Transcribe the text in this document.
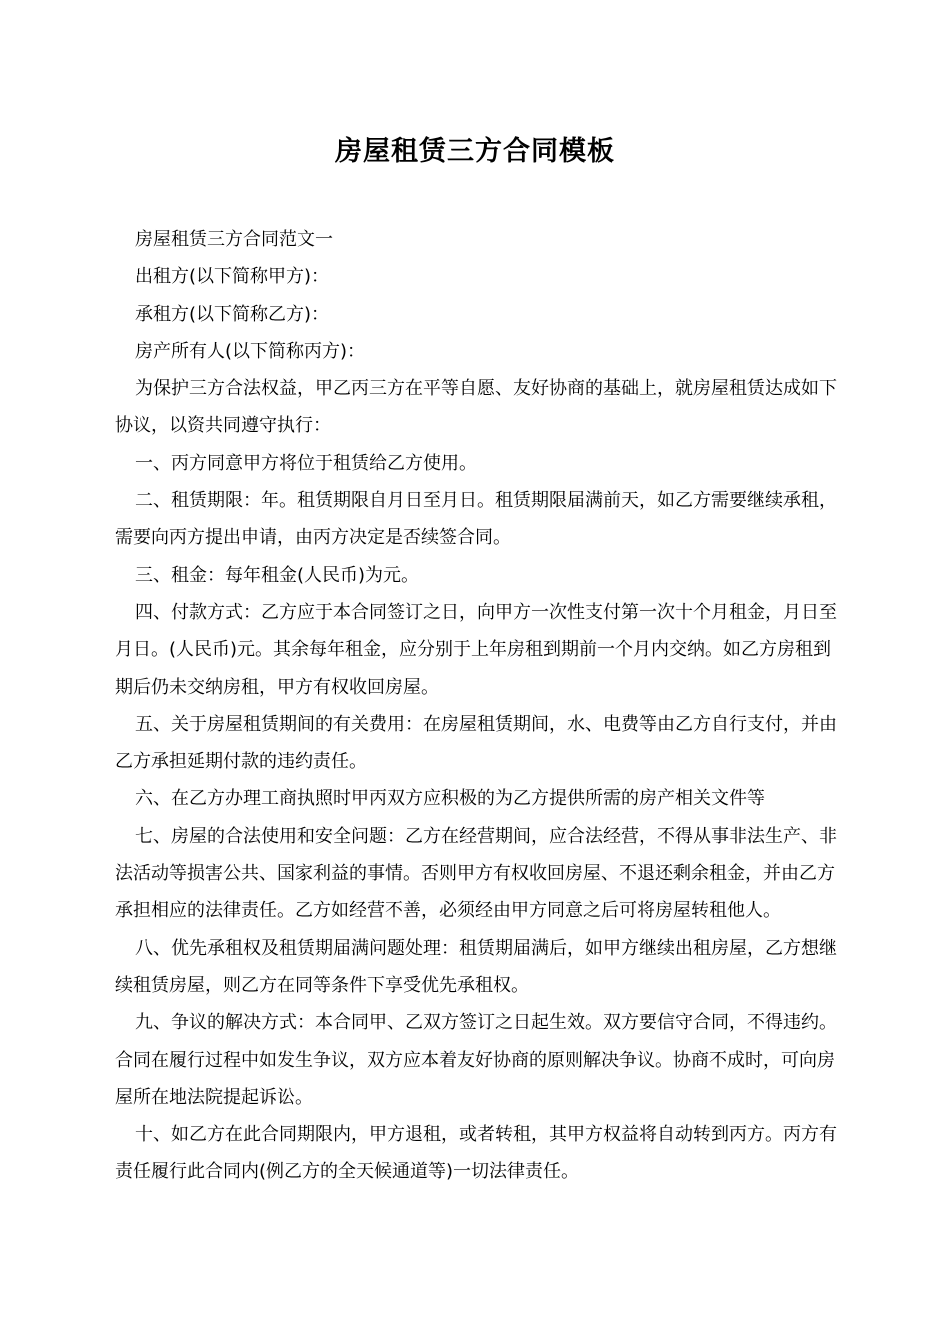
房屋租赁三方合同模板

房屋租赁三方合同范文一

出租方(以下简称甲方)：

承租方(以下简称乙方)：

房产所有人(以下简称丙方)：

为保护三方合法权益，甲乙丙三方在平等自愿、友好协商的基础上，就房屋租赁达成如下协议，以资共同遵守执行：

一、丙方同意甲方将位于租赁给乙方使用。

二、租赁期限：年。租赁期限自月日至月日。租赁期限届满前天，如乙方需要继续承租，需要向丙方提出申请，由丙方决定是否续签合同。

三、租金：每年租金(人民币)为元。

四、付款方式：乙方应于本合同签订之日，向甲方一次性支付第一次十个月租金，月日至月日。(人民币)元。其余每年租金，应分别于上年房租到期前一个月内交纳。如乙方房租到期后仍未交纳房租，甲方有权收回房屋。

五、关于房屋租赁期间的有关费用：在房屋租赁期间，水、电费等由乙方自行支付，并由乙方承担延期付款的违约责任。

六、在乙方办理工商执照时甲丙双方应积极的为乙方提供所需的房产相关文件等

七、房屋的合法使用和安全问题：乙方在经营期间，应合法经营，不得从事非法生产、非法活动等损害公共、国家利益的事情。否则甲方有权收回房屋、不退还剩余租金，并由乙方承担相应的法律责任。乙方如经营不善，必须经由甲方同意之后可将房屋转租他人。

八、优先承租权及租赁期届满问题处理：租赁期届满后，如甲方继续出租房屋，乙方想继续租赁房屋，则乙方在同等条件下享受优先承租权。

九、争议的解决方式：本合同甲、乙双方签订之日起生效。双方要信守合同，不得违约。合同在履行过程中如发生争议，双方应本着友好协商的原则解决争议。协商不成时，可向房屋所在地法院提起诉讼。

十、如乙方在此合同期限内，甲方退租，或者转租，其甲方权益将自动转到丙方。丙方有责任履行此合同内(例乙方的全天候通道等)一切法律责任。
